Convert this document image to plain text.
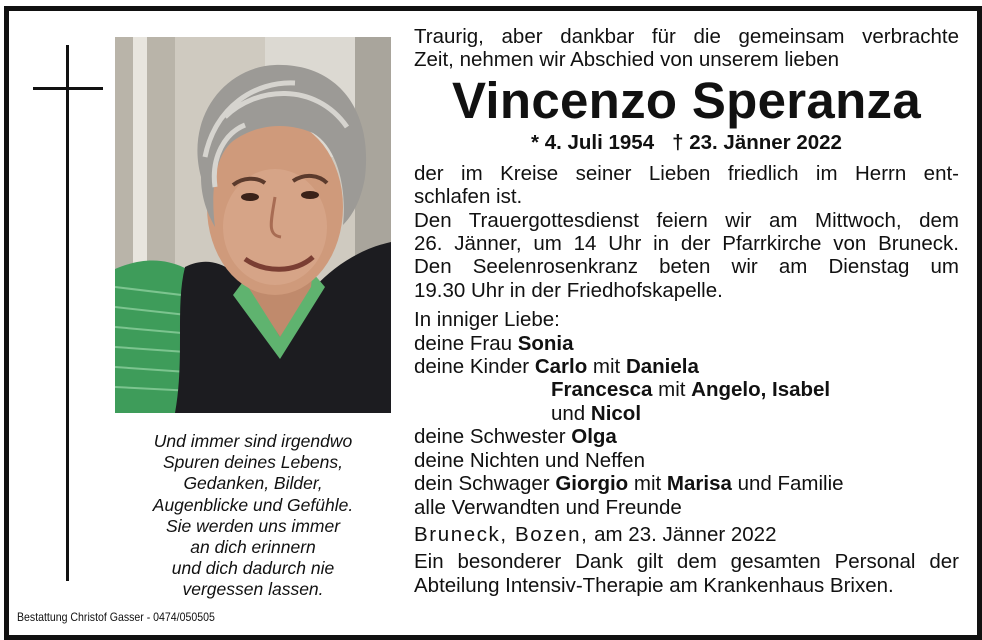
Und immer sind irgendwo
Spuren deines Lebens,
Gedanken, Bilder,
Augenblicke und Gefühle.
Sie werden uns immer
an dich erinnern
und dich dadurch nie
vergessen lassen.
Bestattung Christof Gasser - 0474/050505
Traurig, aber dankbar für die gemeinsam verbrachte
Zeit, nehmen wir Abschied von unserem lieben
Vincenzo Speranza
* 4. Juli 1954 † 23. Jänner 2022
der im Kreise seiner Lieben friedlich im Herrn ent-
schlafen ist.
Den Trauergottesdienst feiern wir am Mittwoch, dem
26. Jänner, um 14 Uhr in der Pfarrkirche von Bruneck.
Den Seelenrosenkranz beten wir am Dienstag um
19.30 Uhr in der Friedhofskapelle.
In inniger Liebe:
deine Frau Sonia
deine Kinder Carlo mit Daniela
Francesca mit Angelo, Isabel
und Nicol
deine Schwester Olga
deine Nichten und Neffen
dein Schwager Giorgio mit Marisa und Familie
alle Verwandten und Freunde
Bruneck, Bozen, am 23. Jänner 2022
Ein besonderer Dank gilt dem gesamten Personal der
Abteilung Intensiv-Therapie am Krankenhaus Brixen.
